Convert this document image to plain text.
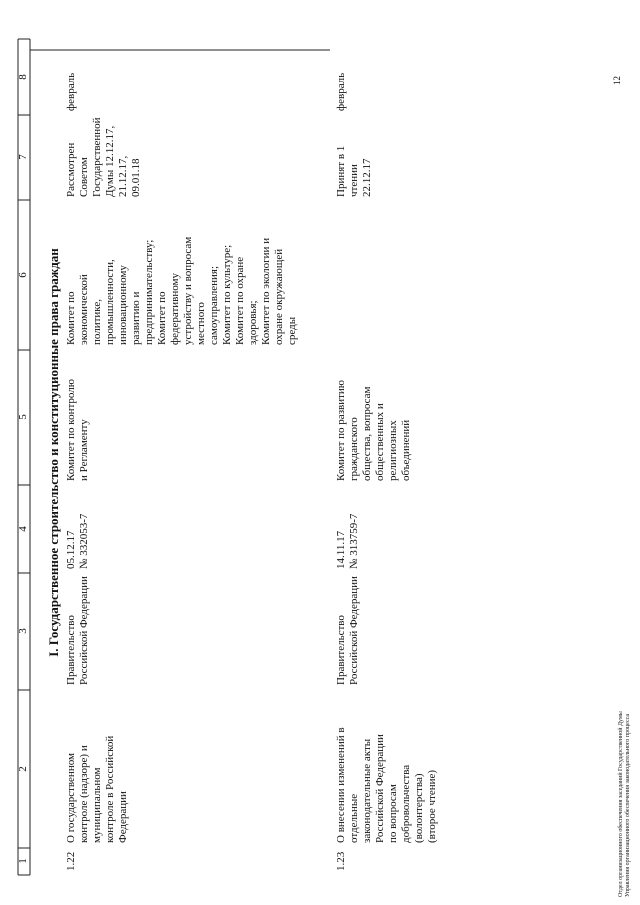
1
2
3
4
5
6
7
8
I. Государственное строительство и конституционные права граждан
1.22
О государственном
контроле (надзоре) и
муниципальном
контроле в Российской
Федерации
Правительство
Российской Федерации
05.12.17
№ 332053-7
Комитет по контролю
и Регламенту
Комитет по
экономической
политике,
промышленности,
инновационному
развитию и
предпринимательству;
Комитет по
федеративному
устройству и вопросам
местного
самоуправления;
Комитет по культуре;
Комитет по охране
здоровья;
Комитет по экологии и
охране окружающей
среды
Рассмотрен
Советом
Государственной
Думы 12.12.17,
21.12.17, 09.01.18
февраль
1.23
О внесении изменений в
отдельные
законодательные акты
Российской Федерации
по вопросам
добровольчества
(волонтерства)
(второе чтение)
Правительство
Российской Федерации
14.11.17
№ 313759-7
Комитет по развитию
гражданского
общества, вопросам
общественных и
религиозных
объединений
Принят в 1 чтении
22.12.17
февраль
Отдел организационного обеспечения заседаний Государственной Думы
Управления организационного обеспечения законодательного процесса
12
